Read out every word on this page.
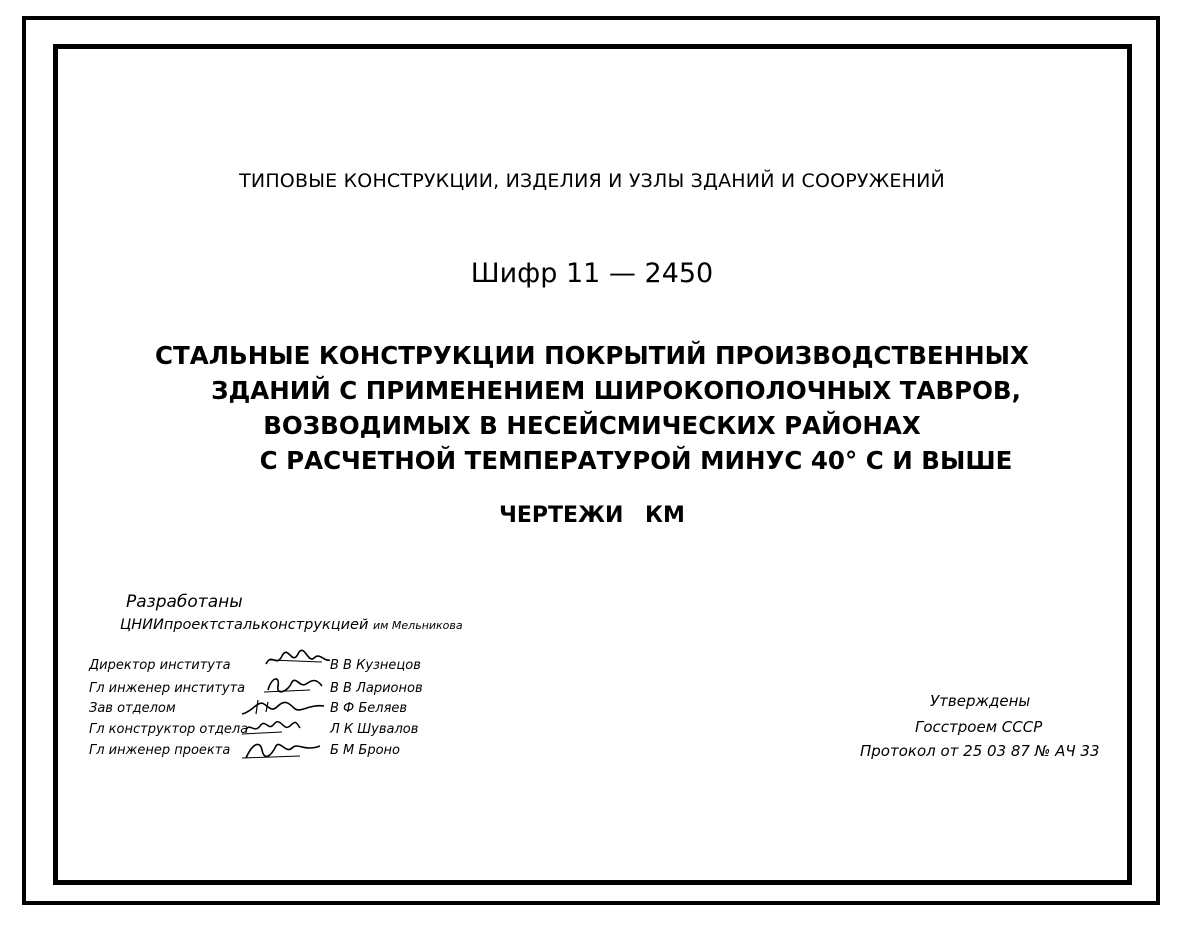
ТИПОВЫЕ КОНСТРУКЦИИ, ИЗДЕЛИЯ И УЗЛЫ ЗДАНИЙ И СООРУЖЕНИЙ
Шифр 11 — 2450
СТАЛЬНЫЕ КОНСТРУКЦИИ ПОКРЫТИЙ ПРОИЗВОДСТВЕННЫХ
ЗДАНИЙ С ПРИМЕНЕНИЕМ ШИРОКОПОЛОЧНЫХ ТАВРОВ,
ВОЗВОДИМЫХ В НЕСЕЙСМИЧЕСКИХ РАЙОНАХ
С РАСЧЕТНОЙ ТЕМПЕРАТУРОЙ МИНУС 40° С И ВЫШЕ
ЧЕРТЕЖИ КМ
Разработаны
ЦНИИпроектстальконструкцией им Мельникова
Директор института
Гл инженер института
Зав отделом
Гл конструктор отдела
Гл инженер проекта
В В Кузнецов
В В Ларионов
В Ф Беляев
Л К Шувалов
Б М Броно
Утверждены
Госстроем СССР
Протокол от 25 03 87 № АЧ 33
